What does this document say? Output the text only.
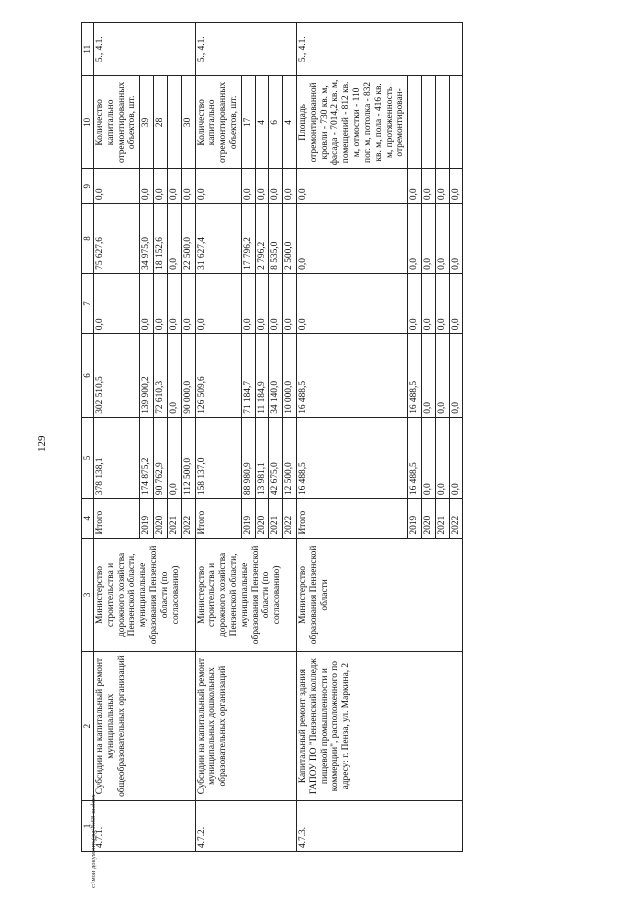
129
c:\мои документы\рд\№68-ш.docx
1	2	3	4	5	6	7	8	9	10	11
4.7.1.	Субсидии на капитальный ремонт муниципальных общеобразовательных организаций	Министерство строительства и дорожного хозяйства Пензенской области, муниципальные образования Пензенской области (по согласованию)	Итого	378 138,1	302 510,5	0,0	75 627,6	0,0	Количество капитально отремонтированных объектов, шт.	5., 4.1.
			2019	174 875,2	139 900,2	0,0	34 975,0	0,0	39	
			2020	90 762,9	72 610,3	0,0	18 152,6	0,0	28	
			2021	0,0	0,0	0,0	0,0	0,0		
			2022	112 500,0	90 000,0	0,0	22 500,0	0,0	30	
4.7.2.	Субсидии на капитальный ремонт муниципальных дошкольных образовательных организаций	Министерство строительства и дорожного хозяйства Пензенской области, муниципальные образования Пензенской области (по согласованию)	Итого	158 137,0	126 509,6	0,0	31 627,4	0,0	Количество капитально отремонтированных объектов, шт.	5., 4.1.
			2019	88 980,9	71 184,7	0,0	17 796,2	0,0	17	
			2020	13 981,1	11 184,9	0,0	2 796,2	0,0	4	
			2021	42 675,0	34 140,0	0,0	8 535,0	0,0	6	
			2022	12 500,0	10 000,0	0,0	2 500,0	0,0	4	
4.7.3.	Капитальный ремонт здания ГАПОУ ПО "Пензенский колледж пищевой промышленности и коммерции", расположенного по адресу: г. Пенза, ул. Маркина, 2	Министерство образования Пензенской области	Итого	16 488,5	16 488,5	0,0	0,0	0,0	Площадь отремонтированной кровли - 730 кв. м, фасада - 7014,2 кв. м, помещений - 812 кв. м, отмостки - 110 пог. м, потолка - 832 кв. м, пола - 416 кв. м, протяженность отремонтирован-	5., 4.1.
			2019	16 488,5	16 488,5	0,0	0,0	0,0		
			2020	0,0	0,0	0,0	0,0	0,0		
			2021	0,0	0,0	0,0	0,0	0,0		
			2022	0,0	0,0	0,0	0,0	0,0		
